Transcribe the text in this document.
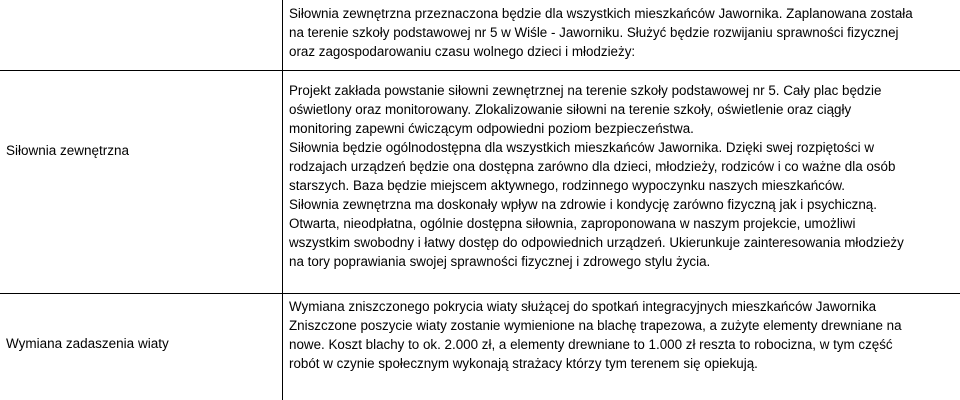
Siłownia zewnętrzna przeznaczona będzie dla wszystkich mieszkańców Jawornika. Zaplanowana została
na terenie szkoły podstawowej nr 5 w Wiśle - Jaworniku. Służyć będzie rozwijaniu sprawności fizycznej
oraz zagospodarowaniu czasu wolnego dzieci i młodzieży:
Siłownia zewnętrzna
Projekt zakłada powstanie siłowni zewnętrznej na terenie szkoły podstawowej nr 5. Cały plac będzie
oświetlony oraz monitorowany. Zlokalizowanie siłowni na terenie szkoły, oświetlenie oraz ciągły
monitoring zapewni ćwiczącym odpowiedni poziom bezpieczeństwa.
Siłownia będzie ogólnodostępna dla wszystkich mieszkańców Jawornika. Dzięki swej rozpiętości w
rodzajach urządzeń będzie ona dostępna zarówno dla dzieci, młodzieży, rodziców i co ważne dla osób
starszych. Baza będzie miejscem aktywnego, rodzinnego wypoczynku naszych mieszkańców.
Siłownia zewnętrzna ma doskonały wpływ na zdrowie i kondycję zarówno fizyczną jak i psychiczną.
Otwarta, nieodpłatna, ogólnie dostępna siłownia, zaproponowana w naszym projekcie, umożliwi
wszystkim swobodny i łatwy dostęp do odpowiednich urządzeń. Ukierunkuje zainteresowania młodzieży
na tory poprawiania swojej sprawności fizycznej i zdrowego stylu życia.
Wymiana zadaszenia wiaty
Wymiana zniszczonego pokrycia wiaty służącej do spotkań integracyjnych mieszkańców Jawornika
Zniszczone poszycie wiaty zostanie wymienione na blachę trapezowa, a zużyte elementy drewniane na
nowe. Koszt blachy to ok. 2.000 zł, a elementy drewniane to 1.000 zł reszta to robocizna, w tym część
robót w czynie społecznym wykonają strażacy którzy tym terenem się opiekują.
